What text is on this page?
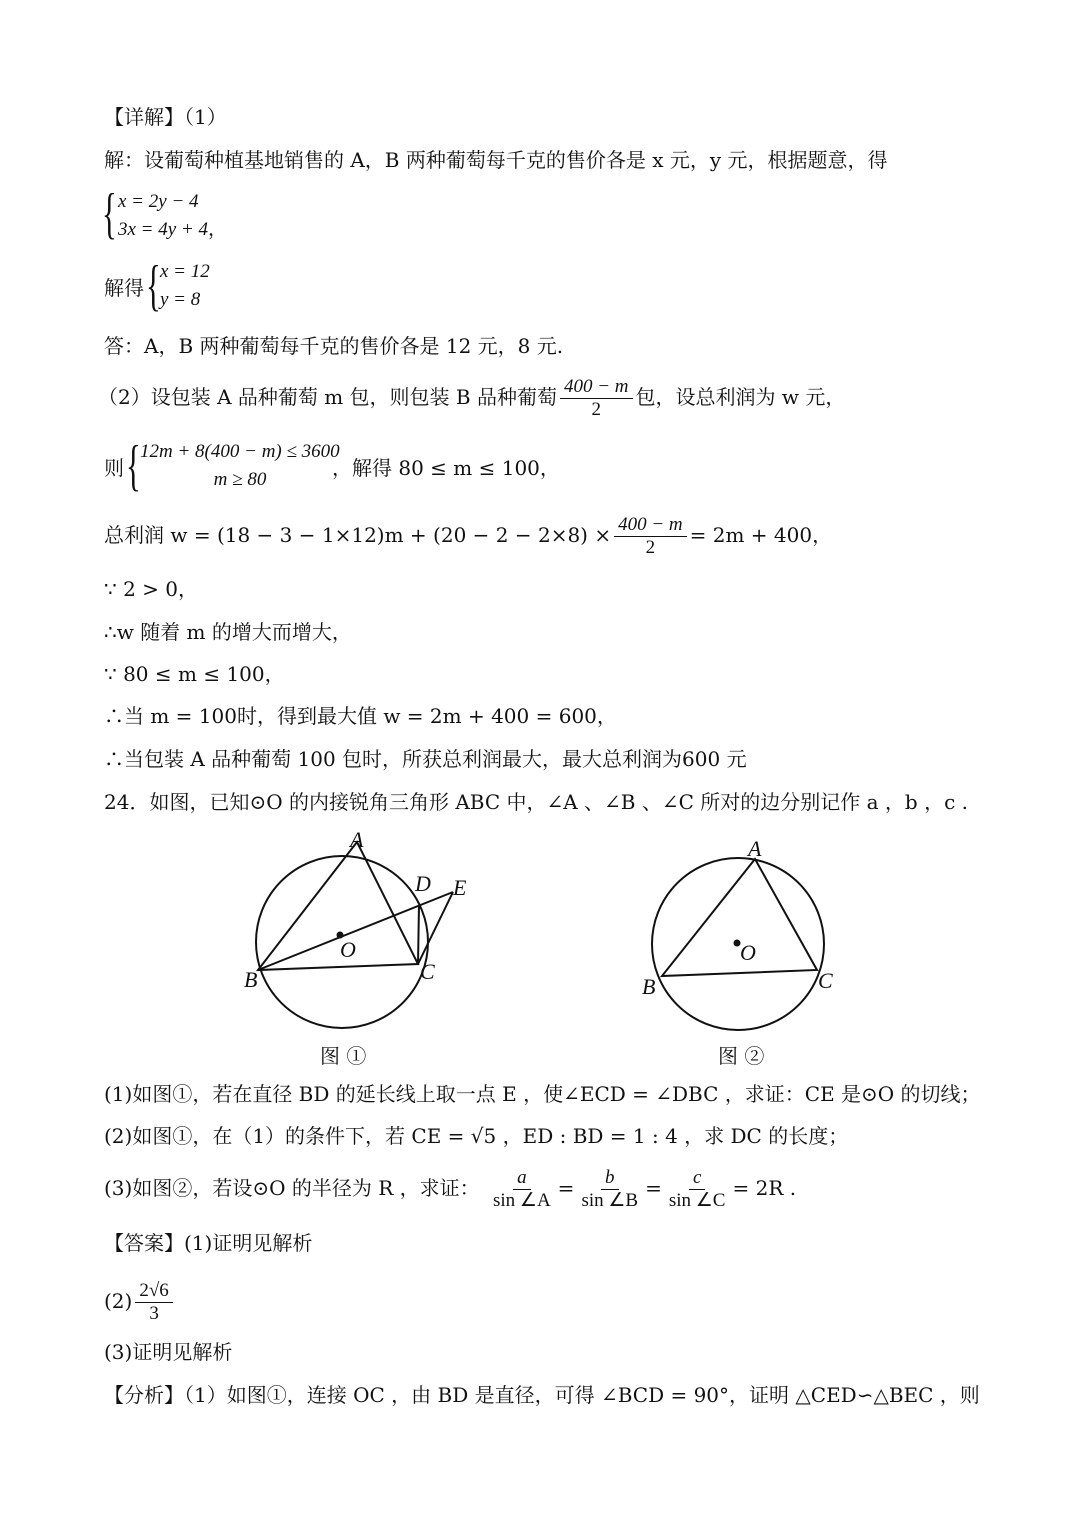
【详解】（1）
解：设葡萄种植基地销售的 A，B 两种葡萄每千克的售价各是 x 元，y 元，根据题意，得
{ x = 2y − 4
3x = 4y + 4，
解得 { x = 12
y = 8
答：A，B 两种葡萄每千克的售价各是 12 元，8 元.
（2）设包装 A 品种葡萄 m 包，则包装 B 品种葡萄 $\frac{400 - m}{2}$ 包，设总利润为 w 元，
则 { 12m + 8(400 − m) ≤ 3600
m ≥ 80	，解得 80 ≤ m ≤ 100，
总利润 $w = (18 - 3 - 1\times 12)m + (20 - 2 - 2\times 8) \times \frac{400 - m}{2} = 2m + 400$，
∵ 2 > 0，
∴w 随着 m 的增大而增大，
∵ 80 ≤ m ≤ 100，
∴当 m = 100时，得到最大值 w = 2m + 400 = 600，
∴当包装 A 品种葡萄 100 包时，所获总利润最大，最大总利润为600 元
24．如图，已知⊙O 的内接锐角三角形 ABC 中，∠A 、∠B 、∠C 所对的边分别记作 a ，b ，c .
A
B	C
D E
O
图 ①
A
B	C
O
图 ②
(1)如图①，若在直径 BD 的延长线上取一点 E ，使∠ECD = ∠DBC ，求证：CE 是⊙O 的切线；
(2)如图①，在（1）的条件下，若 CE = √5 ，ED : BD = 1 : 4 ，求 DC 的长度；
(3)如图②，若设⊙O 的半径为 R ，求证： $\frac{a}{\sin \angle A} = \frac{b}{\sin \angle B} = \frac{c}{\sin \angle C} = 2R$ .
【答案】(1)证明见解析
$(2) \frac{2√6}{3}$
(3)证明见解析
【分析】（1）如图①，连接 OC ，由 BD 是直径，可得 ∠BCD = 90°，证明 △CED∽△BEC ，则
